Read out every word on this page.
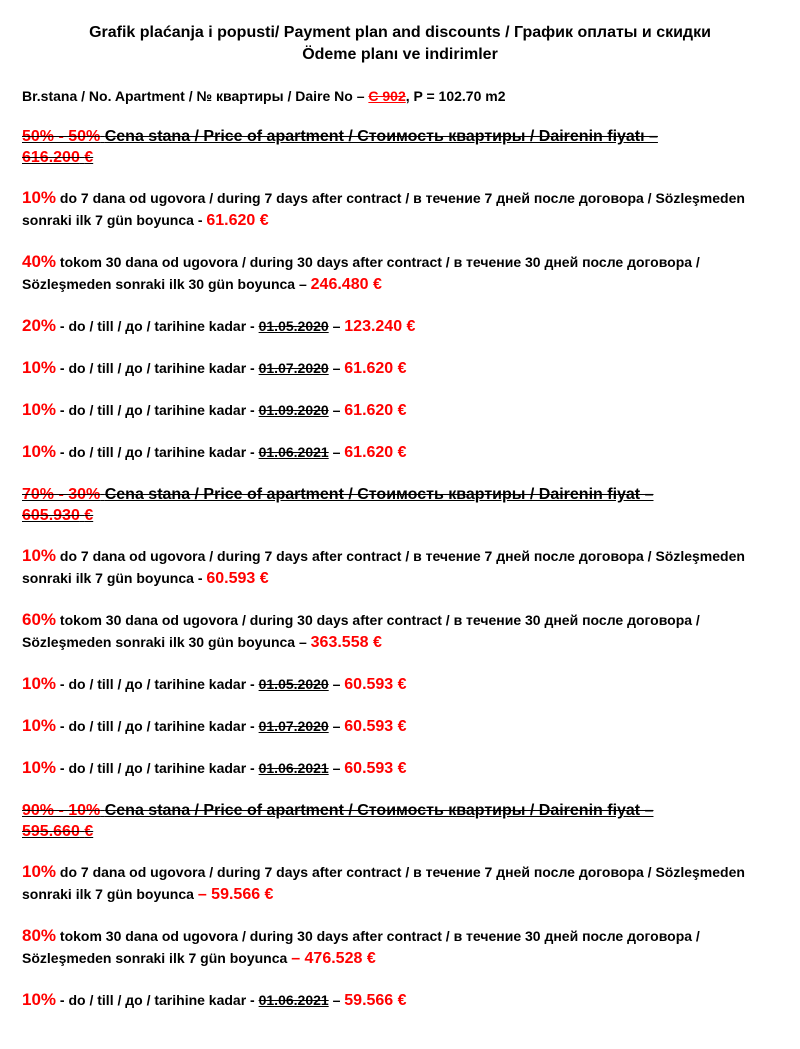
Grafik plaćanja i popusti/ Payment plan and discounts / График оплаты и скидки
Ödeme planı ve indirimler
Br.stana / No. Apartment / № квартиры / Daire No – C 902, P = 102.70 m2
50% - 50% Cena stana / Price of apartment / Стоимость квартиры / Dairenin fiyatı –
616.200 €
10% do 7 dana od ugovora / during 7 days after contract / в течение 7 дней после договора / Sözleşmeden sonraki ilk 7 gün boyunca - 61.620 €
40% tokom 30 dana od ugovora / during 30 days after contract / в течение 30 дней после договора / Sözleşmeden sonraki ilk 30 gün boyunca – 246.480 €
20% - do / till / до / tarihine kadar - 01.05.2020 – 123.240 €
10% - do / till / до / tarihine kadar - 01.07.2020 – 61.620 €
10% - do / till / до / tarihine kadar - 01.09.2020 – 61.620 €
10% - do / till / до / tarihine kadar - 01.06.2021 – 61.620 €
70% - 30% Cena stana / Price of apartment / Стоимость квартиры / Dairenin fiyat –
605.930 €
10% do 7 dana od ugovora / during 7 days after contract / в течение 7 дней после договора / Sözleşmeden sonraki ilk 7 gün boyunca - 60.593 €
60% tokom 30 dana od ugovora / during 30 days after contract / в течение 30 дней после договора / Sözleşmeden sonraki ilk 30 gün boyunca – 363.558 €
10% - do / till / до / tarihine kadar - 01.05.2020 – 60.593 €
10% - do / till / до / tarihine kadar - 01.07.2020 – 60.593 €
10% - do / till / до / tarihine kadar - 01.06.2021 – 60.593 €
90% - 10% Cena stana / Price of apartment / Стоимость квартиры / Dairenin fiyat –
595.660 €
10% do 7 dana od ugovora / during 7 days after contract / в течение 7 дней после договора / Sözleşmeden sonraki ilk 7 gün boyunca – 59.566 €
80% tokom 30 dana od ugovora / during 30 days after contract / в течение 30 дней после договора / Sözleşmeden sonraki ilk 7 gün boyunca – 476.528 €
10% - do / till / до / tarihine kadar - 01.06.2021 – 59.566 €
